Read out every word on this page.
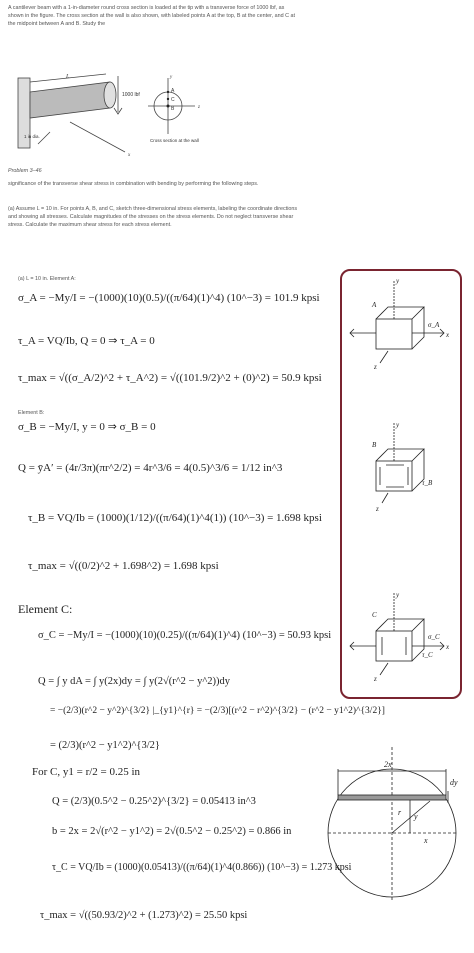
A cantilever beam with a 1-in-diameter round cross section is loaded at the tip with a transverse force of 1000 lbf, as shown in the figure. The cross section at the wall is also shown, with labeled points A at the top, B at the center, and C at the midpoint between A and B. Study the
1000 lbf
L
1 in dia.
Cross section at the wall
A
C
B	z
y
x
Problem 3–46
significance of the transverse shear stress in combination with bending by performing the following steps.
(a) Assume L = 10 in. For points A, B, and C, sketch three-dimensional stress elements, labeling the coordinate directions and showing all stresses. Calculate magnitudes of the stresses on the stress elements. Do not neglect transverse shear stress. Calculate the maximum shear stress for each stress element.
(a) L = 10 in. Element A:
σ_A = −My/I = −(1000)(10)(0.5)/((π/64)(1)^4) (10^−3) = 101.9 kpsi
τ_A = VQ/Ib, Q = 0 ⇒ τ_A = 0
τ_max = √((σ_A/2)^2 + τ_A^2) = √((101.9/2)^2 + (0)^2) = 50.9 kpsi
Element B:
σ_B = −My/I, y = 0 ⇒ σ_B = 0
Q = ȳA′ = (4r/3π)(πr^2/2) = 4r^3/6 = 4(0.5)^3/6 = 1/12 in^3
τ_B = VQ/Ib = (1000)(1/12)/((π/64)(1)^4(1)) (10^−3) = 1.698 kpsi
τ_max = √((0/2)^2 + 1.698^2) = 1.698 kpsi
Element C:
σ_C = −My/I = −(1000)(10)(0.25)/((π/64)(1)^4) (10^−3) = 50.93 kpsi
Q = ∫ y dA = ∫ y(2x)dy = ∫ y(2√(r^2 − y^2))dy
= −(2/3)(r^2 − y^2)^{3/2} |_{y1}^{r} = −(2/3)[(r^2 − r^2)^{3/2} − (r^2 − y1^2)^{3/2}]
= (2/3)(r^2 − y1^2)^{3/2}
For C, y1 = r/2 = 0.25 in
Q = (2/3)(0.5^2 − 0.25^2)^{3/2} = 0.05413 in^3
b = 2x = 2√(r^2 − y1^2) = 2√(0.5^2 − 0.25^2) = 0.866 in
τ_C = VQ/Ib = (1000)(0.05413)/((π/64)(1)^4(0.866)) (10^−3) = 1.273 kpsi
τ_max = √((50.93/2)^2 + (1.273)^2) = 25.50 kpsi
A
B
C
σ_A
τ_B
σ_C
τ_C
x
y
z
y
z
x
y
z
2x
dy
y
r
x
